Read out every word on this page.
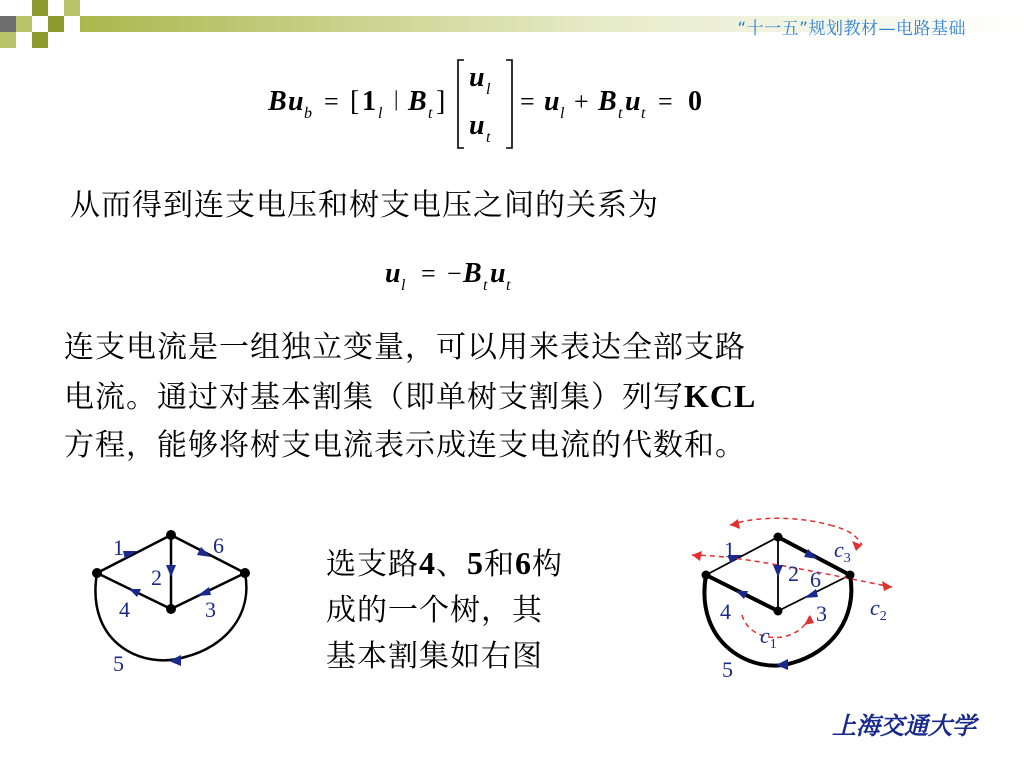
“十一五”规划教材—电路基础
B u b = [ 1 l
| B t ]
u l
u t
= u l + B t u t = 0
从而得到连支电压和树支电压之间的关系为
u l = − B t u t
连支电流是一组独立变量，可以用来表达全部支路
电流。通过对基本割集（即单树支割集）列写KCL
方程，能够将树支电流表示成连支电流的代数和。
1
2
3
4
5
6
选支路4、5和6构
成的一个树，其
基本割集如右图
1
2
3
4
5
6
$c_3$
$c_2$
$c_1$
上海交通大学
